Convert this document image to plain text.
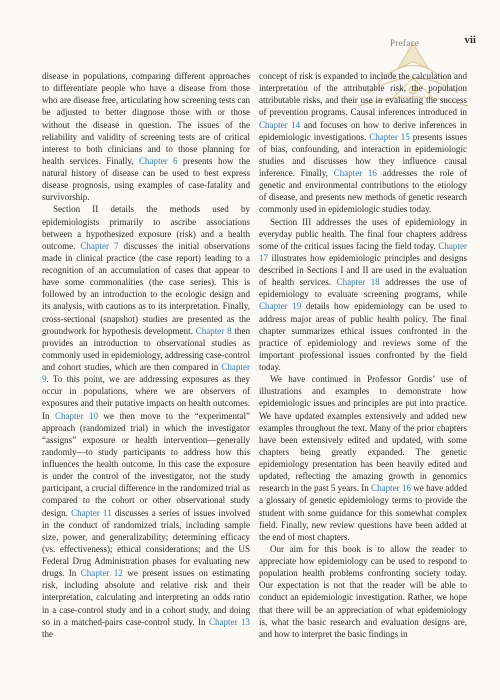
Preface	vii

disease in populations, comparing different approaches to differentiate people who have a disease from those who are disease free, articulating how screening tests can be adjusted to better diagnose those with or those without the disease in question. The issues of the reliability and validity of screening tests are of critical interest to both clinicians and to those planning for health services. Finally, Chapter 6 presents how the natural history of disease can be used to best express disease prognosis, using examples of case-fatality and survivorship.

Section II details the methods used by epidemiologists primarily to ascribe associations between a hypothesized exposure (risk) and a health outcome. Chapter 7 discusses the initial observations made in clinical practice (the case report) leading to a recognition of an accumulation of cases that appear to have some commonalities (the case series). This is followed by an introduction to the ecologic design and its analysis, with cautions as to its interpretation. Finally, cross-sectional (snapshot) studies are presented as the groundwork for hypothesis development. Chapter 8 then provides an introduction to observational studies as commonly used in epidemiology, addressing case-control and cohort studies, which are then compared in Chapter 9. To this point, we are addressing exposures as they occur in populations, where we are observers of exposures and their putative impacts on health outcomes. In Chapter 10 we then move to the “experimental” approach (randomized trial) in which the investigator “assigns” exposure or health intervention—generally randomly—to study participants to address how this influences the health outcome. In this case the exposure is under the control of the investigator, not the study participant, a crucial difference in the randomized trial as compared to the cohort or other observational study design. Chapter 11 discusses a series of issues involved in the conduct of randomized trials, including sample size, power, and generalizability; determining efficacy (vs. effectiveness); ethical considerations; and the US Federal Drug Administration phases for evaluating new drugs. In Chapter 12 we present issues on estimating risk, including absolute and relative risk and their interpretation, calculating and interpreting an odds ratio in a case-control study and in a cohort study, and doing so in a matched-pairs case-control study. In Chapter 13 the

concept of risk is expanded to include the calculation and interpretation of the attributable risk, the population attributable risks, and their use in evaluating the success of prevention programs. Causal inferences introduced in Chapter 14 and focuses on how to derive inferences in epidemiologic investigations. Chapter 15 presents issues of bias, confounding, and interaction in epidemiologic studies and discusses how they influence causal inference. Finally, Chapter 16 addresses the role of genetic and environmental contributions to the etiology of disease, and presents new methods of genetic research commonly used in epidemiologic studies today.

Section III addresses the uses of epidemiology in everyday public health. The final four chapters address some of the critical issues facing the field today. Chapter 17 illustrates how epidemiologic principles and designs described in Sections I and II are used in the evaluation of health services. Chapter 18 addresses the use of epidemiology to evaluate screening programs, while Chapter 19 details how epidemiology can be used to address major areas of public health policy. The final chapter summarizes ethical issues confronted in the practice of epidemiology and reviews some of the important professional issues confronted by the field today.

We have continued in Professor Gordis’ use of illustrations and examples to demonstrate how epidemiologic issues and principles are put into practice. We have updated examples extensively and added new examples throughout the text. Many of the prior chapters have been extensively edited and updated, with some chapters being greatly expanded. The genetic epidemiology presentation has been heavily edited and updated, reflecting the amazing growth in genomics research in the past 5 years. In Chapter 16 we have added a glossary of genetic epidemiology terms to provide the student with some guidance for this somewhat complex field. Finally, new review questions have been added at the end of most chapters.

Our aim for this book is to allow the reader to appreciate how epidemiology can be used to respond to population health problems confronting society today. Our expectation is not that the reader will be able to conduct an epidemiologic investigation. Rather, we hope that there will be an appreciation of what epidemiology is, what the basic research and evaluation designs are, and how to interpret the basic findings in
